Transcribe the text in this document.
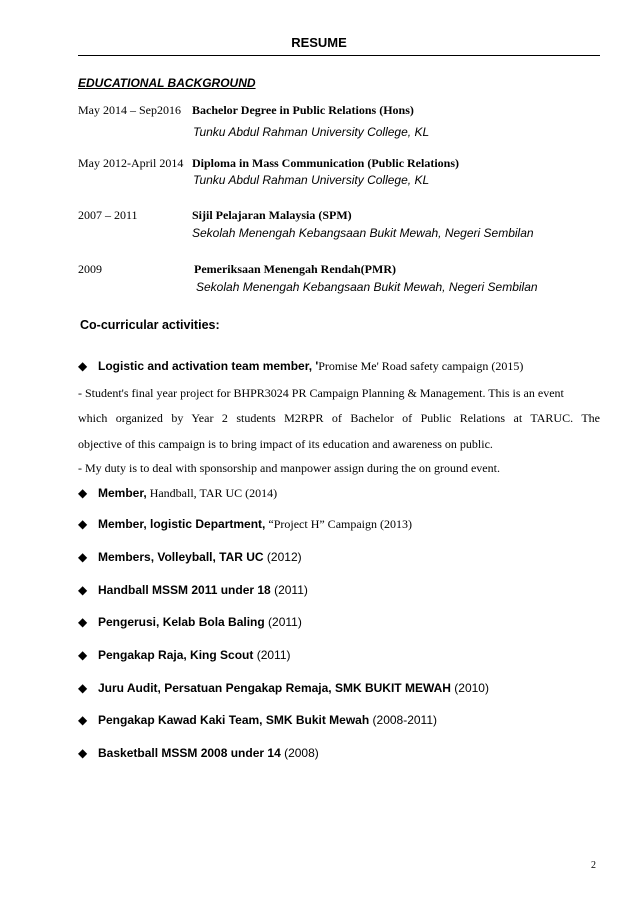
RESUME
EDUCATIONAL BACKGROUND
May 2014 – Sep2016 Bachelor Degree in Public Relations (Hons)
Tunku Abdul Rahman University College, KL
May 2012-April 2014 Diploma in Mass Communication (Public Relations)
Tunku Abdul Rahman University College, KL
2007 – 2011	Sijil Pelajaran Malaysia (SPM)
Sekolah Menengah Kebangsaan Bukit Mewah, Negeri Sembilan
2009	Pemeriksaan Menengah Rendah(PMR)
Sekolah Menengah Kebangsaan Bukit Mewah, Negeri Sembilan
Co-curricular activities:
◆ Logistic and activation team member, 'Promise Me' Road safety campaign (2015)
- Student's final year project for BHPR3024 PR Campaign Planning & Management. This is an event
which organized by Year 2 students M2RPR of Bachelor of Public Relations at TARUC. The
objective of this campaign is to bring impact of its education and awareness on public.
- My duty is to deal with sponsorship and manpower assign during the on ground event.
◆ Member, Handball, TAR UC (2014)
◆ Member, logistic Department, “Project H” Campaign (2013)
◆ Members, Volleyball, TAR UC (2012)
◆ Handball MSSM 2011 under 18 (2011)
◆ Pengerusi, Kelab Bola Baling (2011)
◆ Pengakap Raja, King Scout (2011)
◆ Juru Audit, Persatuan Pengakap Remaja, SMK BUKIT MEWAH (2010)
◆ Pengakap Kawad Kaki Team, SMK Bukit Mewah (2008-2011)
◆ Basketball MSSM 2008 under 14 (2008)
2
